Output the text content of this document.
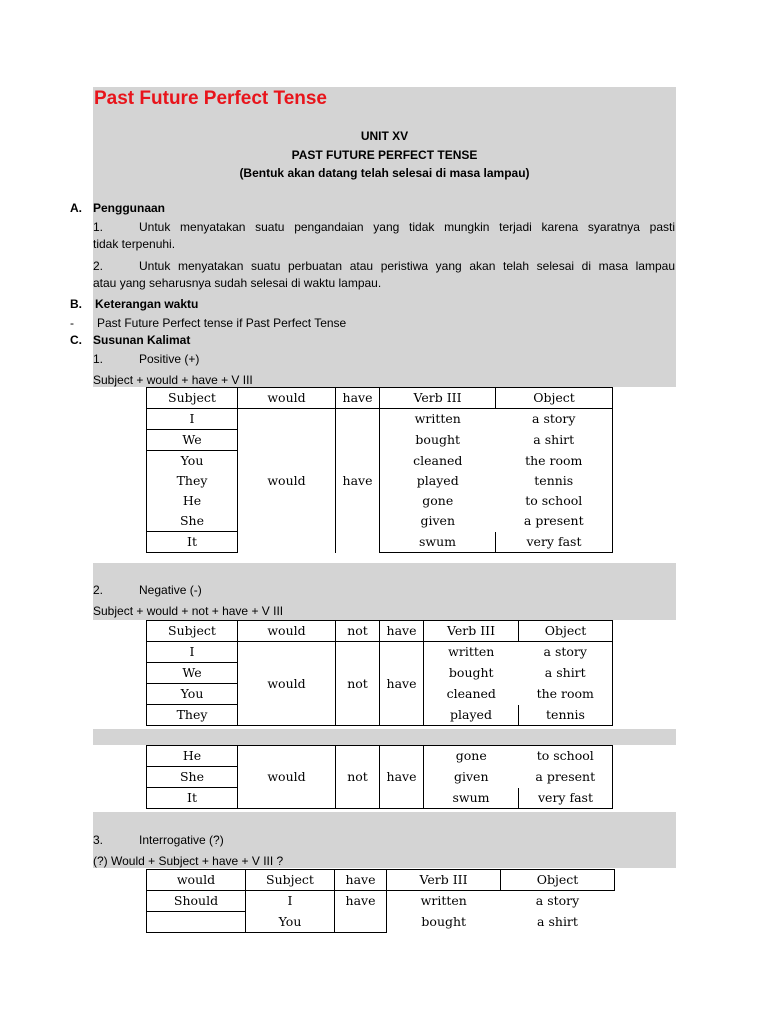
Past Future Perfect Tense
UNIT XV
PAST FUTURE PERFECT TENSE
(Bentuk akan datang telah selesai di masa lampau)
A. Penggunaan
1.	Untuk menyatakan suatu pengandaian yang tidak mungkin terjadi karena syaratnya pasti
tidak terpenuhi.
2.	Untuk menyatakan suatu perbuatan atau peristiwa yang akan telah selesai di masa lampau
atau yang seharusnya sudah selesai di waktu lampau.
B. Keterangan waktu
- Past Future Perfect tense if Past Perfect Tense
C. Susunan Kalimat
1.	Positive (+)
Subject + would + have + V III
Subject	would	have	Verb III	Object
I	would	have	written	a story
We			bought	a shirt
You			cleaned	the room
They			played	tennis
He			gone	to school
She			given	a present
It			swum	very fast
2.	Negative (-)
Subject + would + not + have + V III
Subject	would	not	have	Verb III	Object
I	would	not	have	written	a story
We				bought	a shirt
You				cleaned	the room
They				played	tennis
He	would	not	have	gone	to school
She				given	a present
It				swum	very fast
3.	Interrogative (?)
(?) Would + Subject + have + V III ?
would	Subject	have	Verb III	Object
Should	I	have	written	a story
	You		bought	a shirt
